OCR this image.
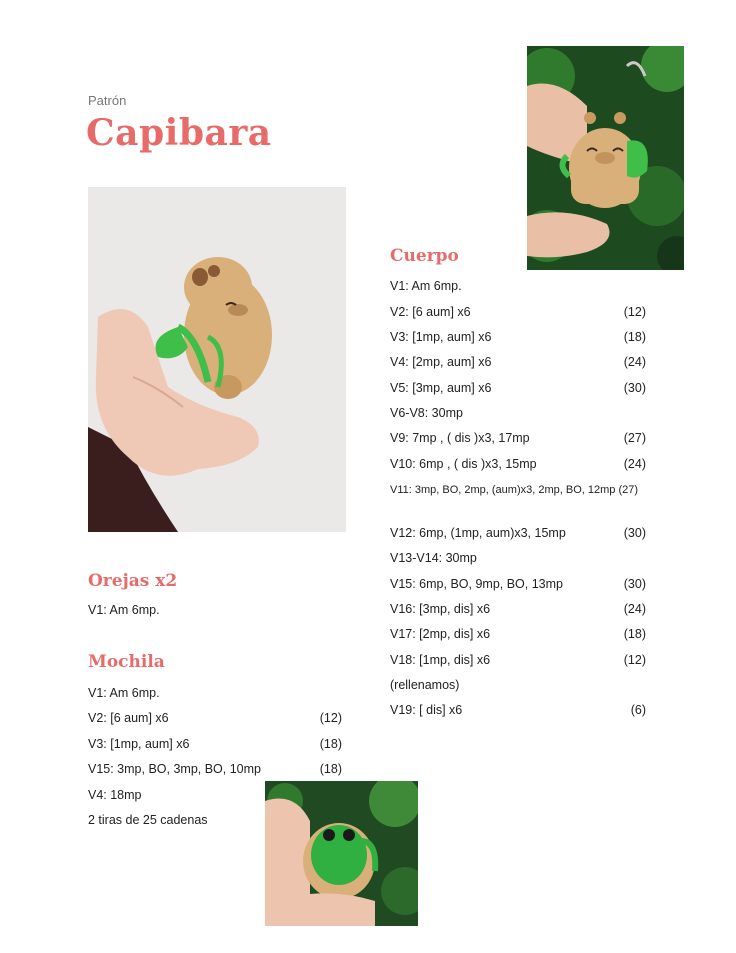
Patrón
Capibara
Orejas x2
V1: Am 6mp.
Mochila
V1: Am 6mp.
V2: [6 aum] x6	(12)
V3: [1mp, aum] x6	(18)
V15: 3mp, BO, 3mp, BO, 10mp	(18)
V4: 18mp
2 tiras de 25 cadenas
Cuerpo
V1: Am 6mp.
V2: [6 aum] x6	(12)
V3: [1mp, aum] x6	(18)
V4: [2mp, aum] x6	(24)
V5: [3mp, aum] x6	(30)
V6-V8: 30mp
V9: 7mp , ( dis )x3, 17mp	(27)
V10: 6mp , ( dis )x3, 15mp	(24)
V11: 3mp, BO, 2mp, (aum)x3, 2mp, BO, 12mp (27)
V12: 6mp, (1mp, aum)x3, 15mp	(30)
V13-V14: 30mp
V15: 6mp, BO, 9mp, BO, 13mp	(30)
V16: [3mp, dis] x6	(24)
V17: [2mp, dis] x6	(18)
V18: [1mp, dis] x6	(12)
(rellenamos)
V19: [ dis] x6	(6)
